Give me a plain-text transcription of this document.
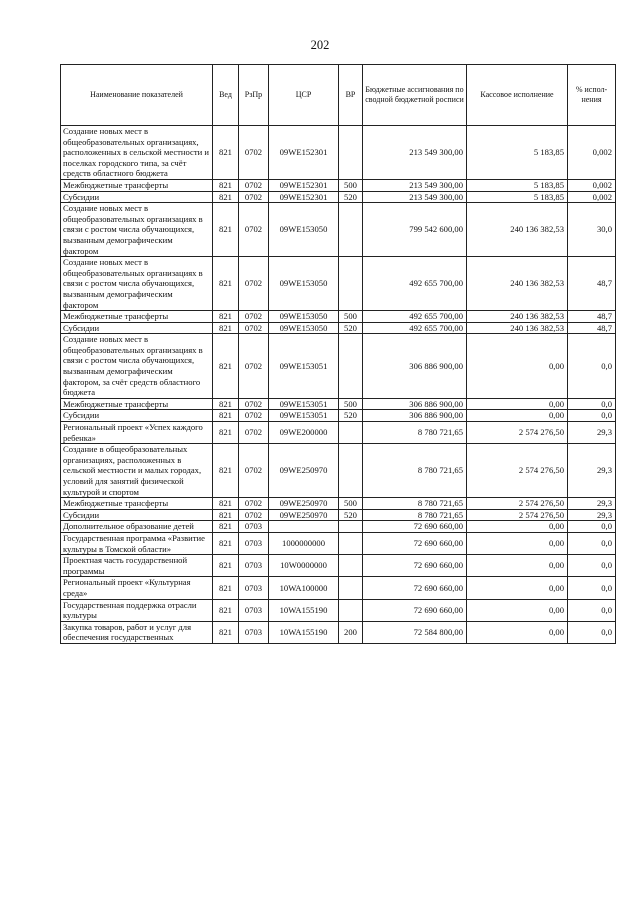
202
Наименование показателей	Вед	РзПр	ЦСР	ВР	Бюджетные ассигнования по сводной бюджетной росписи	Кассовое исполнение	% испол-нения
Создание новых мест в общеобразовательных организациях, расположенных в сельской местности и поселках городского типа, за счёт средств областного бюджета	821	0702	09WE152301		213 549 300,00	5 183,85	0,002
Межбюджетные трансферты	821	0702	09WE152301	500	213 549 300,00	5 183,85	0,002
Субсидии	821	0702	09WE152301	520	213 549 300,00	5 183,85	0,002
Создание новых мест в общеобразовательных организациях в связи с ростом числа обучающихся, вызванным демографическим фактором	821	0702	09WE153050		799 542 600,00	240 136 382,53	30,0
Создание новых мест в общеобразовательных организациях в связи с ростом числа обучающихся, вызванным демографическим фактором	821	0702	09WE153050		492 655 700,00	240 136 382,53	48,7
Межбюджетные трансферты	821	0702	09WE153050	500	492 655 700,00	240 136 382,53	48,7
Субсидии	821	0702	09WE153050	520	492 655 700,00	240 136 382,53	48,7
Создание новых мест в общеобразовательных организациях в связи с ростом числа обучающихся, вызванным демографическим фактором, за счёт средств областного бюджета	821	0702	09WE153051		306 886 900,00	0,00	0,0
Межбюджетные трансферты	821	0702	09WE153051	500	306 886 900,00	0,00	0,0
Субсидии	821	0702	09WE153051	520	306 886 900,00	0,00	0,0
Региональный проект «Успех каждого ребенка»	821	0702	09WE200000		8 780 721,65	2 574 276,50	29,3
Создание в общеобразовательных организациях, расположенных в сельской местности и малых городах, условий для занятий физической культурой и спортом	821	0702	09WE250970		8 780 721,65	2 574 276,50	29,3
Межбюджетные трансферты	821	0702	09WE250970	500	8 780 721,65	2 574 276,50	29,3
Субсидии	821	0702	09WE250970	520	8 780 721,65	2 574 276,50	29,3
Дополнительное образование детей	821	0703			72 690 660,00	0,00	0,0
Государственная программа «Развитие культуры в Томской области»	821	0703	1000000000		72 690 660,00	0,00	0,0
Проектная часть государственной программы	821	0703	10W0000000		72 690 660,00	0,00	0,0
Региональный проект «Культурная среда»	821	0703	10WA100000		72 690 660,00	0,00	0,0
Государственная поддержка отрасли культуры	821	0703	10WA155190		72 690 660,00	0,00	0,0
Закупка товаров, работ и услуг для обеспечения государственных	821	0703	10WA155190	200	72 584 800,00	0,00	0,0
